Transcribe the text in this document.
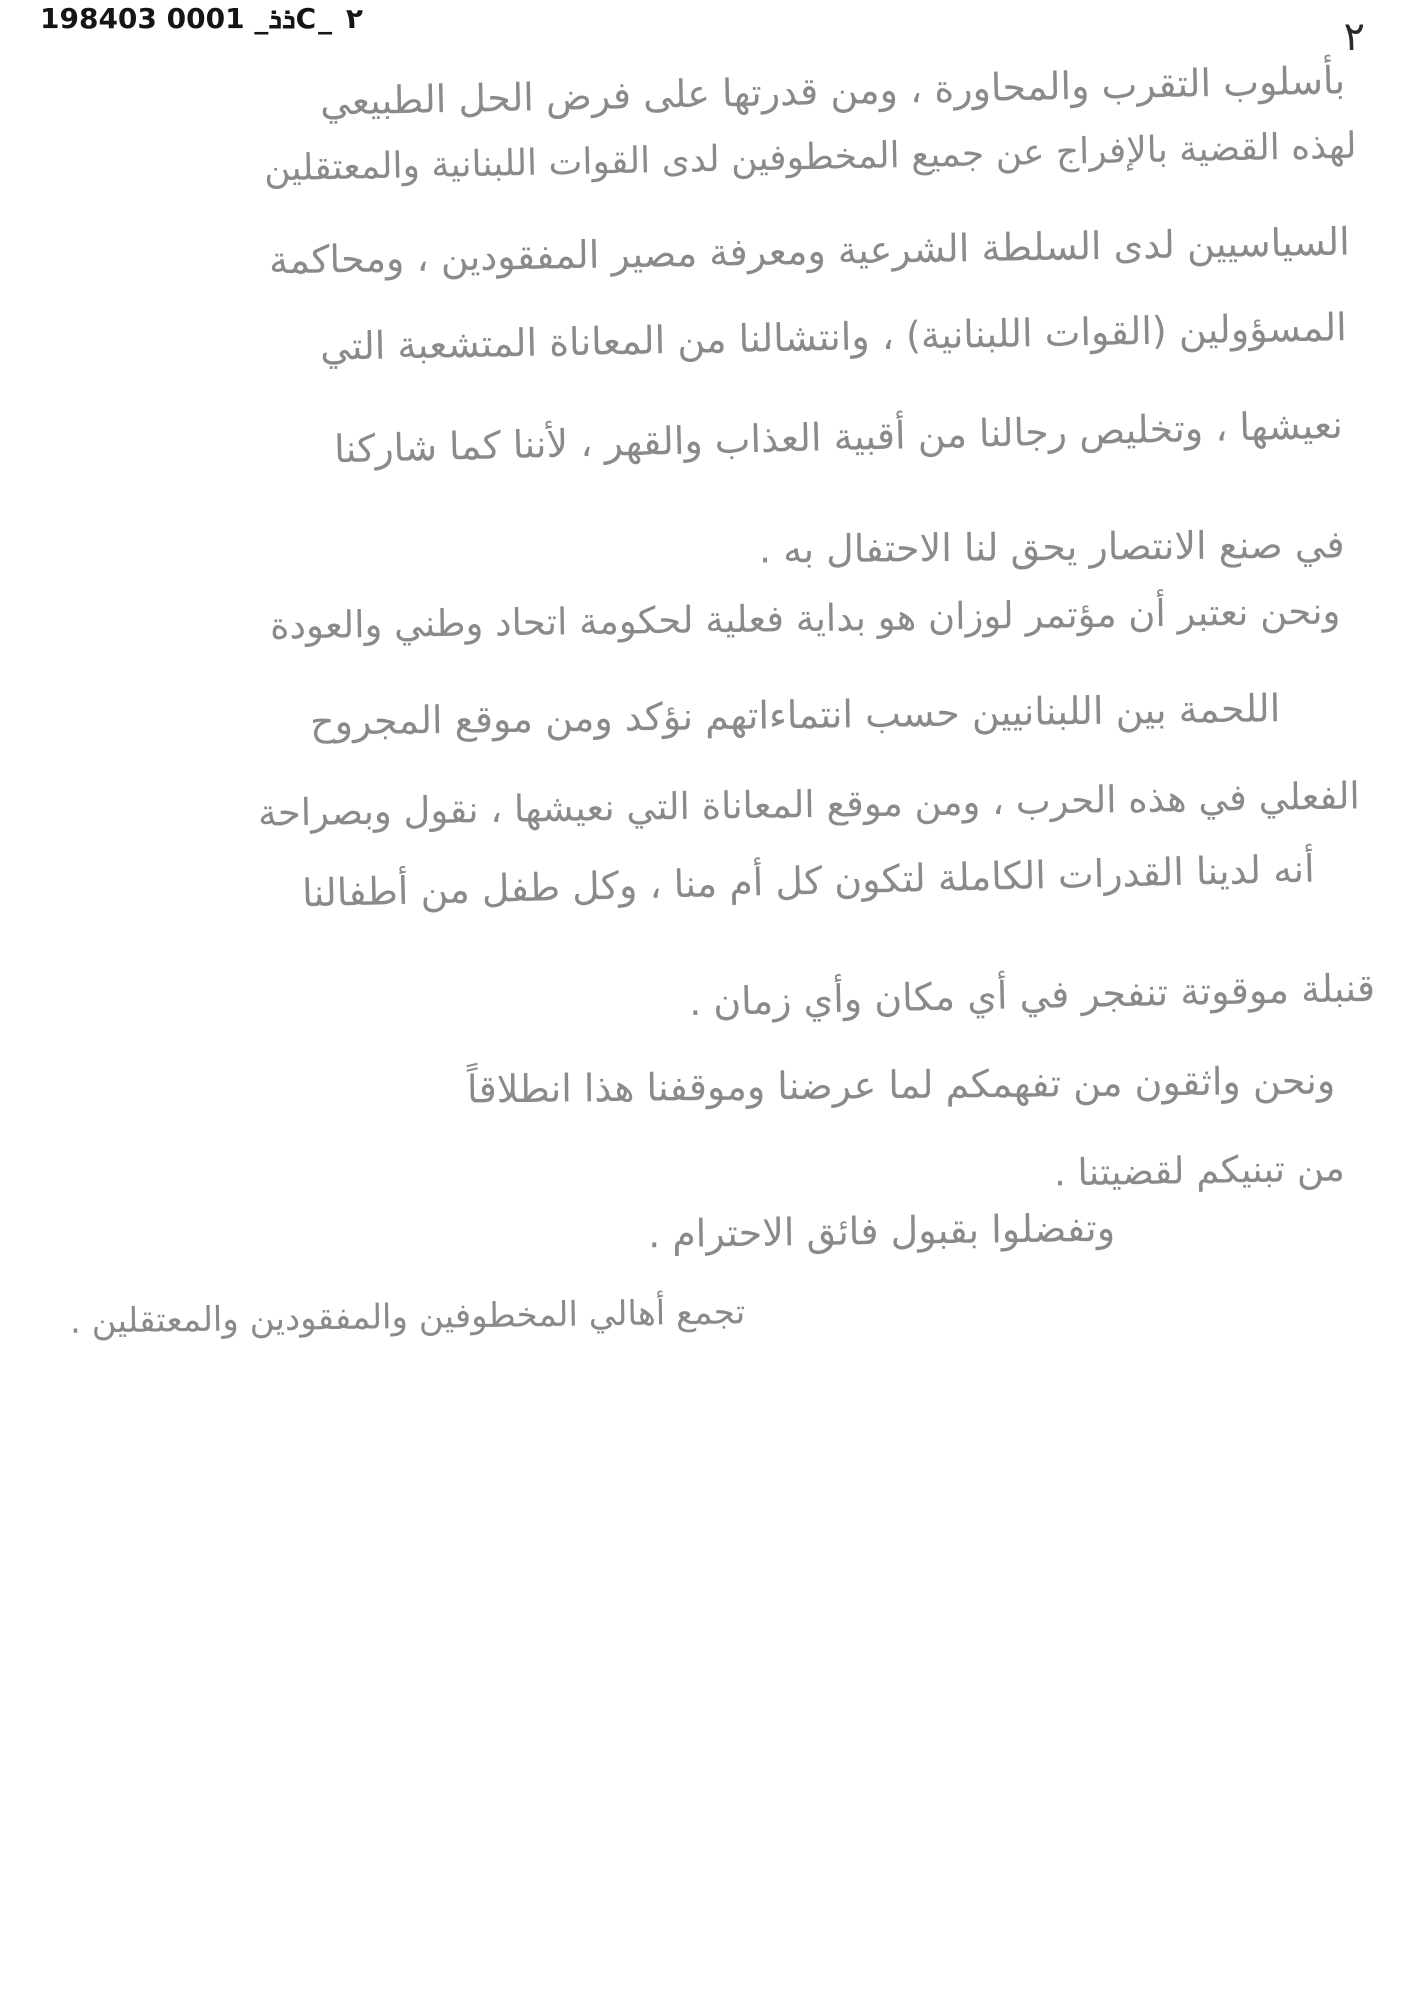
198403 ܪܪ_ 0001C_ ٢	٢
بأسلوب التقرب والمحاورة ، ومن قدرتها على فرض الحل الطبيعي
لهذه القضية بالإفراج عن جميع المخطوفين لدى القوات اللبنانية والمعتقلين
السياسيين لدى السلطة الشرعية ومعرفة مصير المفقودين ، ومحاكمة
المسؤولين (القوات اللبنانية) ، وانتشالنا من المعاناة المتشعبة التي
نعيشها ، وتخليص رجالنا من أقبية العذاب والقهر ، لأننا كما شاركنا
في صنع الانتصار يحق لنا الاحتفال به .
ونحن نعتبر أن مؤتمر لوزان هو بداية فعلية لحكومة اتحاد وطني والعودة
اللحمة بين اللبنانيين حسب انتماءاتهم نؤكد ومن موقع المجروح
الفعلي في هذه الحرب ، ومن موقع المعاناة التي نعيشها ، نقول وبصراحة
أنه لدينا القدرات الكاملة لتكون كل أم منا ، وكل طفل من أطفالنا
قنبلة موقوتة تنفجر في أي مكان وأي زمان .
ونحن واثقون من تفهمكم لما عرضنا وموقفنا هذا انطلاقاً
من تبنيكم لقضيتنا .
وتفضلوا بقبول فائق الاحترام .
تجمع أهالي المخطوفين والمفقودين والمعتقلين .
